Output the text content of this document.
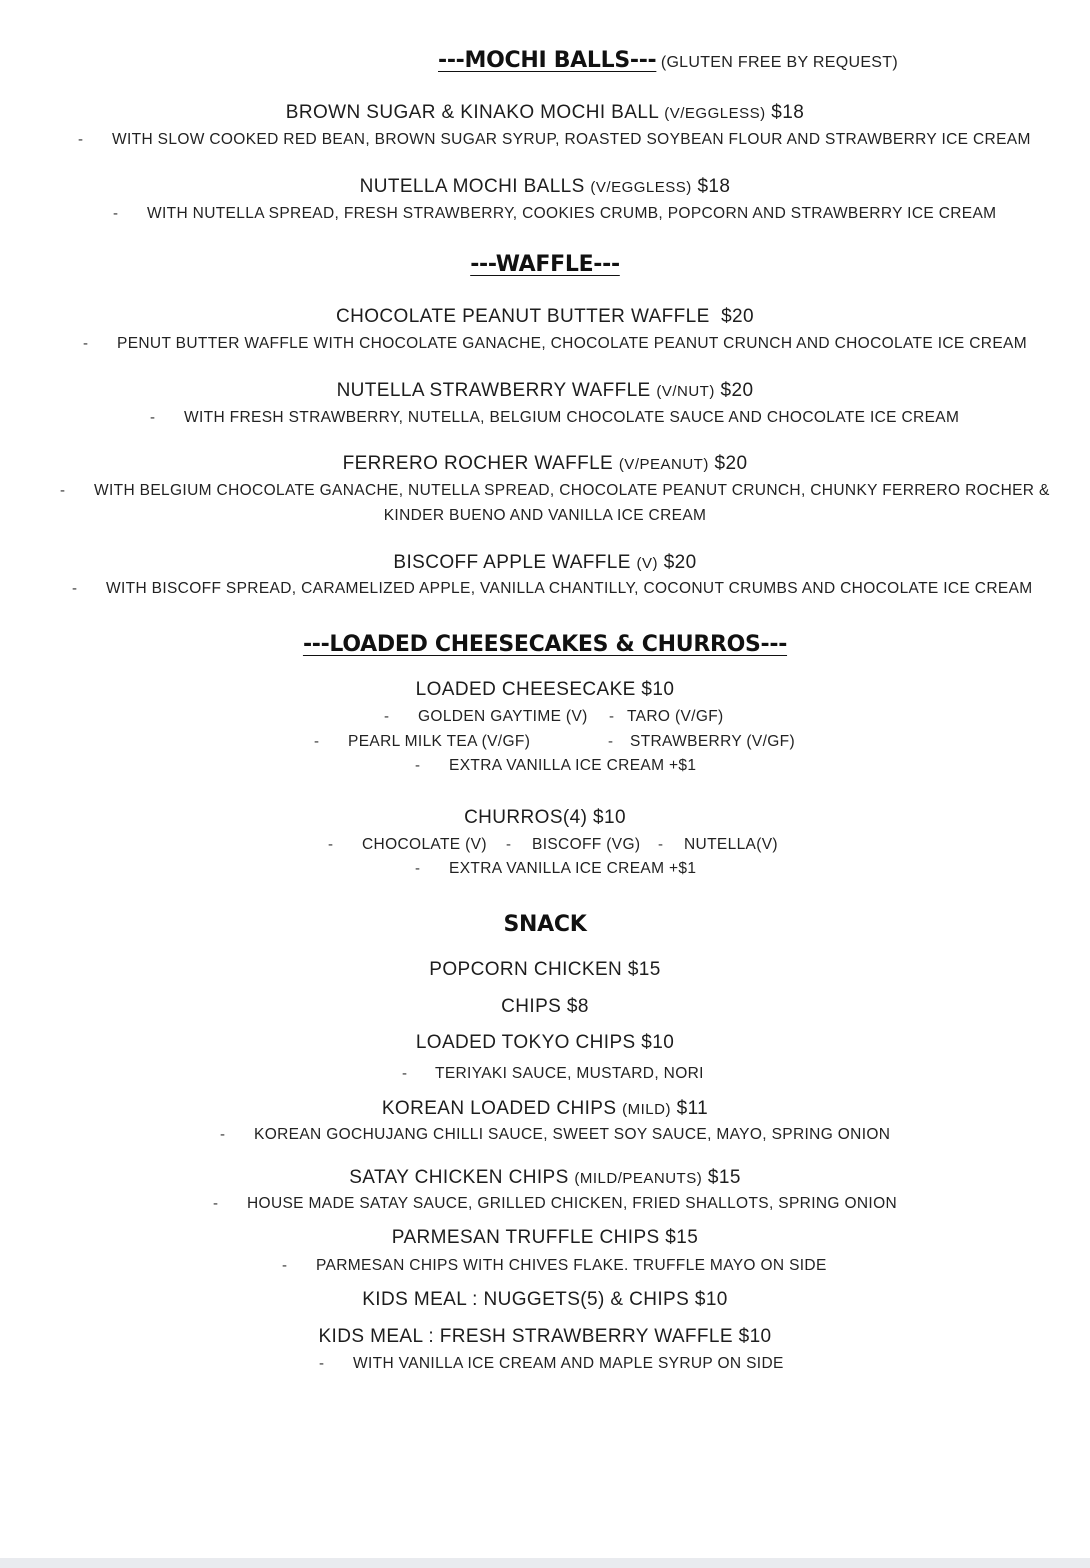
---MOCHI BALLS--- (GLUTEN FREE BY REQUEST)
BROWN SUGAR & KINAKO MOCHI BALL (V/EGGLESS) $18
- WITH SLOW COOKED RED BEAN, BROWN SUGAR SYRUP, ROASTED SOYBEAN FLOUR AND STRAWBERRY ICE CREAM
NUTELLA MOCHI BALLS (V/EGGLESS) $18
- WITH NUTELLA SPREAD, FRESH STRAWBERRY, COOKIES CRUMB, POPCORN AND STRAWBERRY ICE CREAM
---WAFFLE---
CHOCOLATE PEANUT BUTTER WAFFLE $20
- PENUT BUTTER WAFFLE WITH CHOCOLATE GANACHE, CHOCOLATE PEANUT CRUNCH AND CHOCOLATE ICE CREAM
NUTELLA STRAWBERRY WAFFLE (V/NUT) $20
- WITH FRESH STRAWBERRY, NUTELLA, BELGIUM CHOCOLATE SAUCE AND CHOCOLATE ICE CREAM
FERRERO ROCHER WAFFLE (V/PEANUT) $20
- WITH BELGIUM CHOCOLATE GANACHE, NUTELLA SPREAD, CHOCOLATE PEANUT CRUNCH, CHUNKY FERRERO ROCHER &
KINDER BUENO AND VANILLA ICE CREAM
BISCOFF APPLE WAFFLE (V) $20
- WITH BISCOFF SPREAD, CARAMELIZED APPLE, VANILLA CHANTILLY, COCONUT CRUMBS AND CHOCOLATE ICE CREAM
---LOADED CHEESECAKES & CHURROS---
LOADED CHEESECAKE $10
- GOLDEN GAYTIME (V) - TARO (V/GF)
- PEARL MILK TEA (V/GF)	- STRAWBERRY (V/GF)
- EXTRA VANILLA ICE CREAM +$1
CHURROS(4) $10
- CHOCOLATE (V) - BISCOFF (VG) - NUTELLA(V)
- EXTRA VANILLA ICE CREAM +$1
SNACK
POPCORN CHICKEN $15
CHIPS $8
LOADED TOKYO CHIPS $10
- TERIYAKI SAUCE, MUSTARD, NORI
KOREAN LOADED CHIPS (MILD) $11
- KOREAN GOCHUJANG CHILLI SAUCE, SWEET SOY SAUCE, MAYO, SPRING ONION
SATAY CHICKEN CHIPS (MILD/PEANUTS) $15
- HOUSE MADE SATAY SAUCE, GRILLED CHICKEN, FRIED SHALLOTS, SPRING ONION
PARMESAN TRUFFLE CHIPS $15
- PARMESAN CHIPS WITH CHIVES FLAKE. TRUFFLE MAYO ON SIDE
KIDS MEAL : NUGGETS(5) & CHIPS $10
KIDS MEAL : FRESH STRAWBERRY WAFFLE $10
- WITH VANILLA ICE CREAM AND MAPLE SYRUP ON SIDE
